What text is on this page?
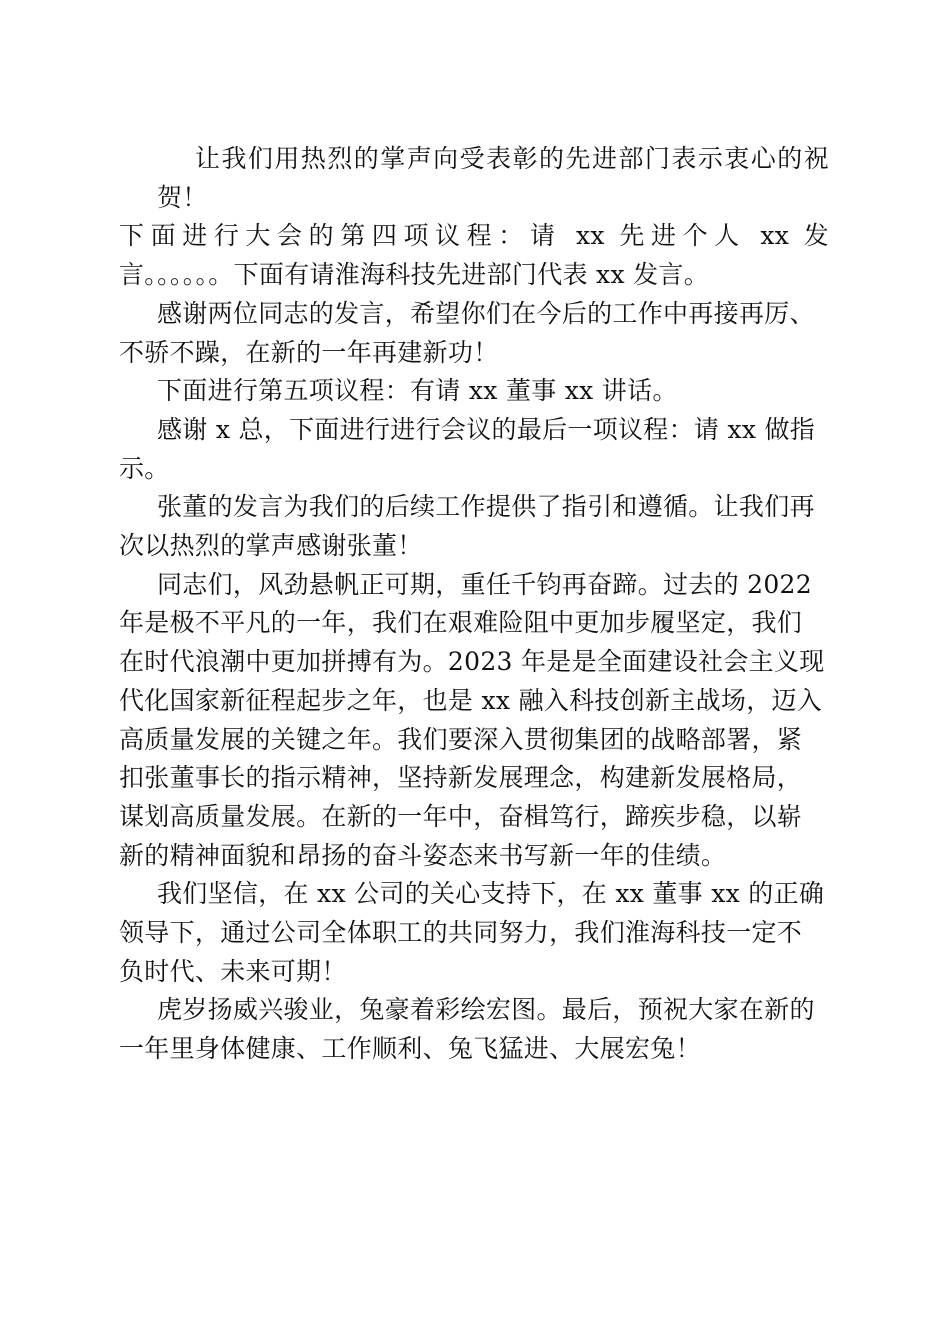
让我们用热烈的掌声向受表彰的先进部门表示衷心的祝贺！
下面进行大会的第四项议程：请 xx 先进个人 xx 发
言。。。。。。下面有请淮海科技先进部门代表 xx 发言。
感谢两位同志的发言，希望你们在今后的工作中再接再厉、
不骄不躁，在新的一年再建新功！
下面进行第五项议程：有请 xx 董事 xx 讲话。
感谢 x 总，下面进行进行会议的最后一项议程：请 xx 做指
示。
张董的发言为我们的后续工作提供了指引和遵循。让我们再
次以热烈的掌声感谢张董！
同志们，风劲悬帆正可期，重任千钧再奋蹄。过去的 2022
年是极不平凡的一年，我们在艰难险阻中更加步履坚定，我们
在时代浪潮中更加拼搏有为。2023 年是是全面建设社会主义现
代化国家新征程起步之年，也是 xx 融入科技创新主战场，迈入
高质量发展的关键之年。我们要深入贯彻集团的战略部署，紧
扣张董事长的指示精神，坚持新发展理念，构建新发展格局，
谋划高质量发展。在新的一年中，奋楫笃行，蹄疾步稳，以崭
新的精神面貌和昂扬的奋斗姿态来书写新一年的佳绩。
我们坚信，在 xx 公司的关心支持下，在 xx 董事 xx 的正确
领导下，通过公司全体职工的共同努力，我们淮海科技一定不
负时代、未来可期！
虎岁扬威兴骏业，兔豪着彩绘宏图。最后，预祝大家在新的
一年里身体健康、工作顺利、兔飞猛进、大展宏兔！
